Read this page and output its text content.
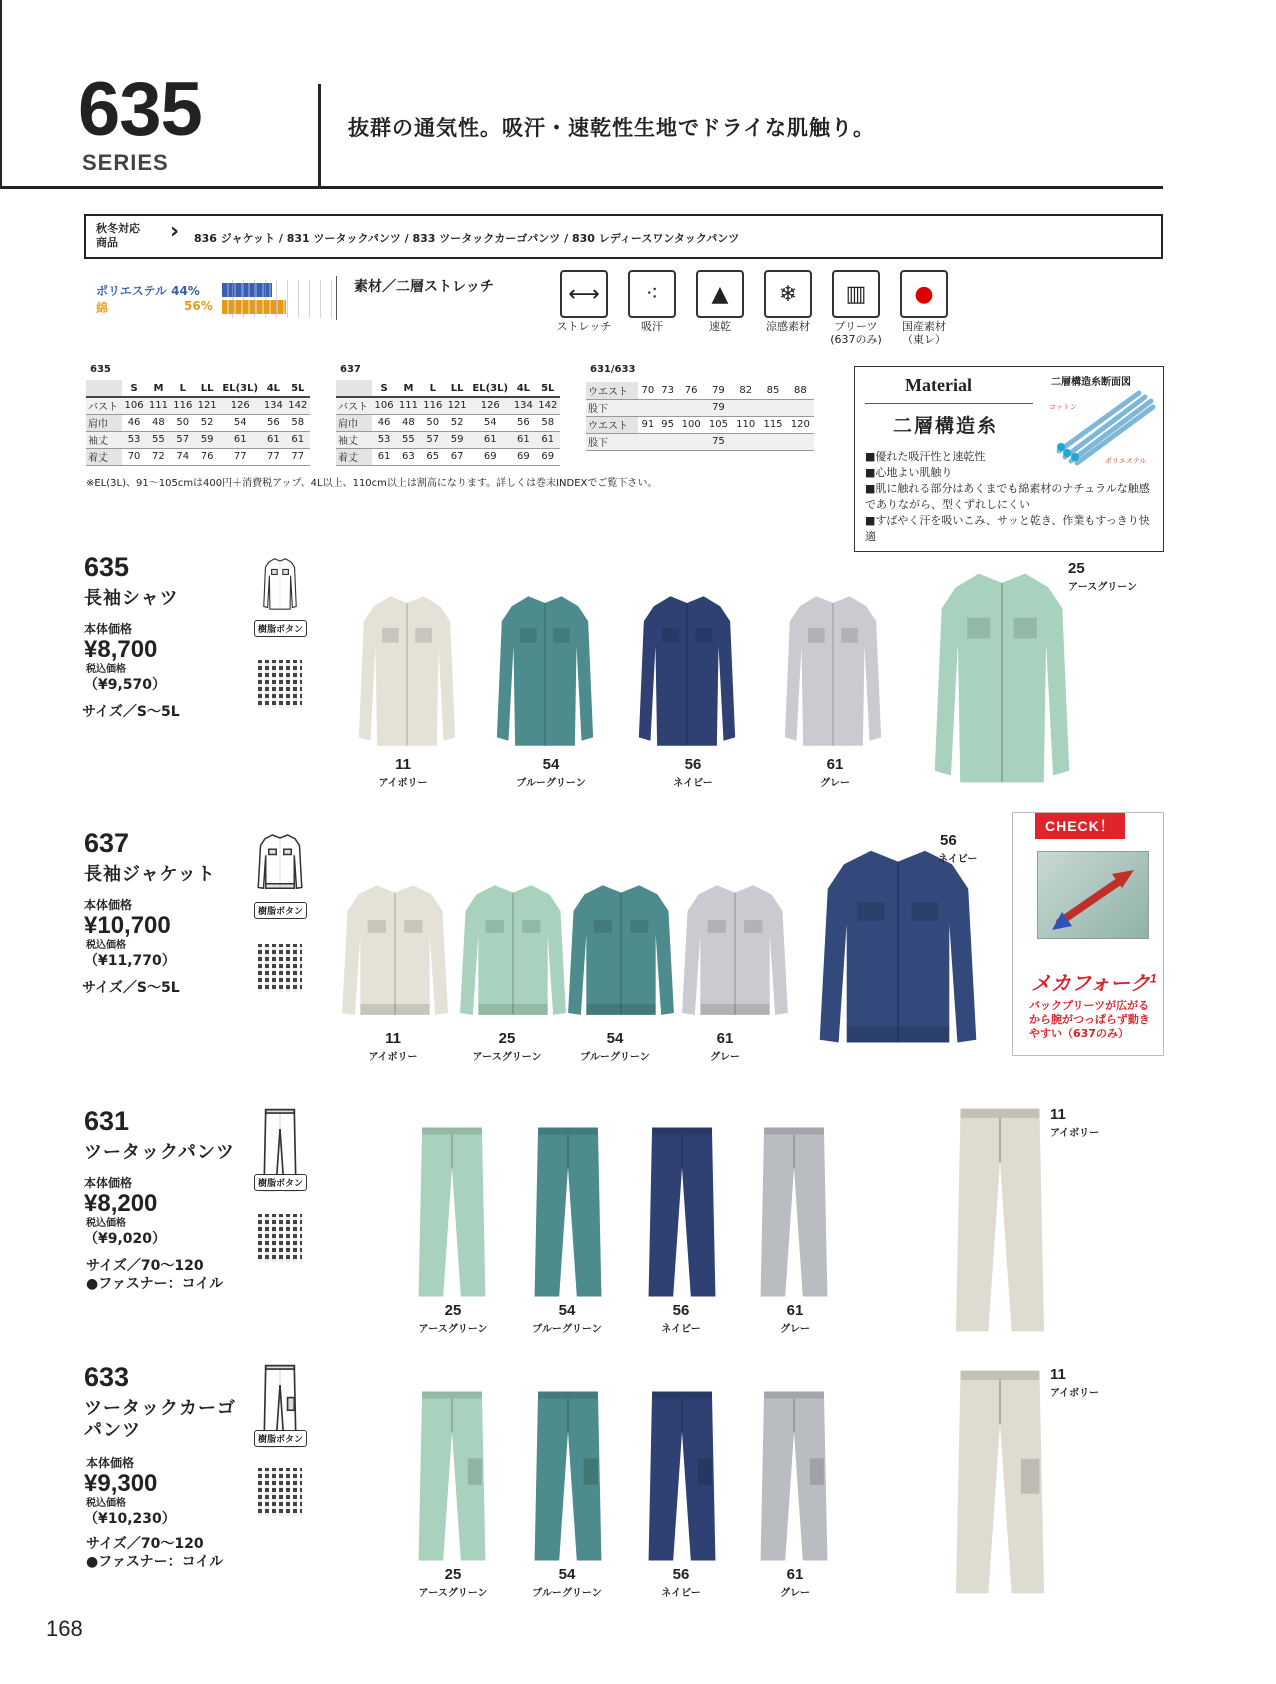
635
SERIES
抜群の通気性。吸汗・速乾性生地でドライな肌触り。
秋冬対応
商品	› 836 ジャケット / 831 ツータックパンツ / 833 ツータックカーゴパンツ / 830 レディースワンタックパンツ
ポリエステル 44%
綿	56%
素材／二層ストレッチ	⟷
ストレッチ
⁖
吸汗
▲
速乾
❄
涼感素材
▥
プリーツ
(637のみ)
●
国産素材
（東レ）
635
	S	M	L	LL	EL(3L)	4L	5L
バスト	106	111	116	121	126	134	142
肩巾	46	48	50	52	54	56	58
袖丈	53	55	57	59	61	61	61
着丈	70	72	74	76	77	77	77
637
	S	M	L	LL	EL(3L)	4L	5L
バスト	106	111	116	121	126	134	142
肩巾	46	48	50	52	54	56	58
袖丈	53	55	57	59	61	61	61
着丈	61	63	65	67	69	69	69
631/633
ウエスト	70	73	76	79	82	85	88
股下				79			
ウエスト	91	95	100	105	110	115	120
股下				75			
※EL(3L)、91～105cmは400円＋消費税アップ、4L以上、110cm以上は割高になります。詳しくは巻末INDEXでご覧下さい。
Material
二層構造糸
二層構造糸断面図
コットン
ポリエステル
■優れた吸汗性と速乾性
■心地よい肌触り
■肌に触れる部分はあくまでも綿素材のナチュラルな触感でありながら、型くずれしにくい
■すばやく汗を吸いこみ、サッと乾き、作業もすっきり快適
635
長袖シャツ
本体価格
¥8,700
税込価格
（¥9,570）
サイズ／S～5L
樹脂ボタン
11
アイボリー
54
ブルーグリーン
56
ネイビー
61
グレー
25
アースグリーン
637
長袖ジャケット
本体価格
¥10,700
税込価格
（¥11,770）
サイズ／S～5L
樹脂ボタン
11
アイボリー
25
アースグリーン
54
ブルーグリーン
61
グレー
56
ネイビー
CHECK！
メカフォーク$^1$
バックプリーツが広がるから腕がつっぱらず動きやすい（637のみ）
631
ツータックパンツ
本体価格
¥8,200
税込価格
（¥9,020）
サイズ／70～120
●ファスナー：コイル
樹脂ボタン
25
アースグリーン
54
ブルーグリーン
56
ネイビー
61
グレー
11
アイボリー
633
ツータックカーゴ
パンツ
本体価格
¥9,300
税込価格
（¥10,230）
サイズ／70～120
●ファスナー：コイル
樹脂ボタン
25
アースグリーン
54
ブルーグリーン
56
ネイビー
61
グレー
11
アイボリー
168
